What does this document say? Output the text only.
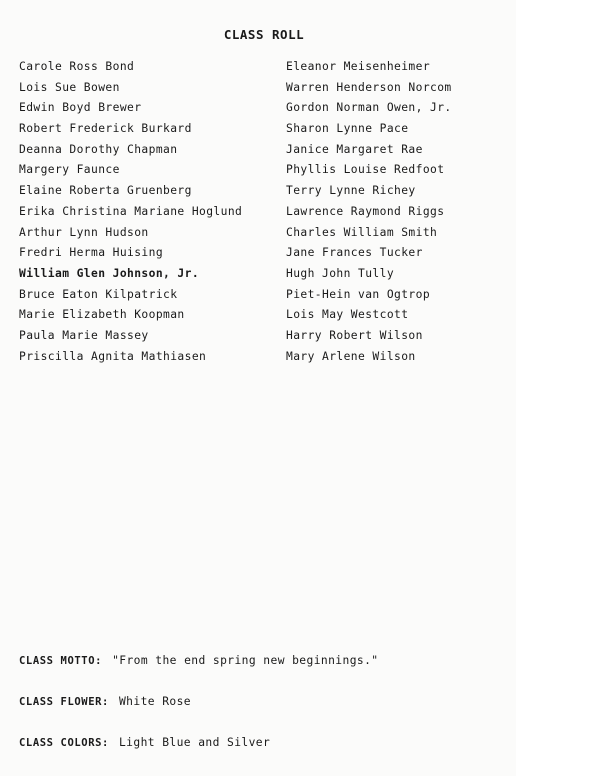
CLASS ROLL
Carole Ross Bond
Lois Sue Bowen
Edwin Boyd Brewer
Robert Frederick Burkard
Deanna Dorothy Chapman
Margery Faunce
Elaine Roberta Gruenberg
Erika Christina Mariane Hoglund
Arthur Lynn Hudson
Fredri Herma Huising
William Glen Johnson, Jr.
Bruce Eaton Kilpatrick
Marie Elizabeth Koopman
Paula Marie Massey
Priscilla Agnita Mathiasen
Eleanor Meisenheimer
Warren Henderson Norcom
Gordon Norman Owen, Jr.
Sharon Lynne Pace
Janice Margaret Rae
Phyllis Louise Redfoot
Terry Lynne Richey
Lawrence Raymond Riggs
Charles William Smith
Jane Frances Tucker
Hugh John Tully
Piet-Hein van Ogtrop
Lois May Westcott
Harry Robert Wilson
Mary Arlene Wilson
CLASS MOTTO: "From the end spring new beginnings."
CLASS FLOWER: White Rose
CLASS COLORS: Light Blue and Silver
